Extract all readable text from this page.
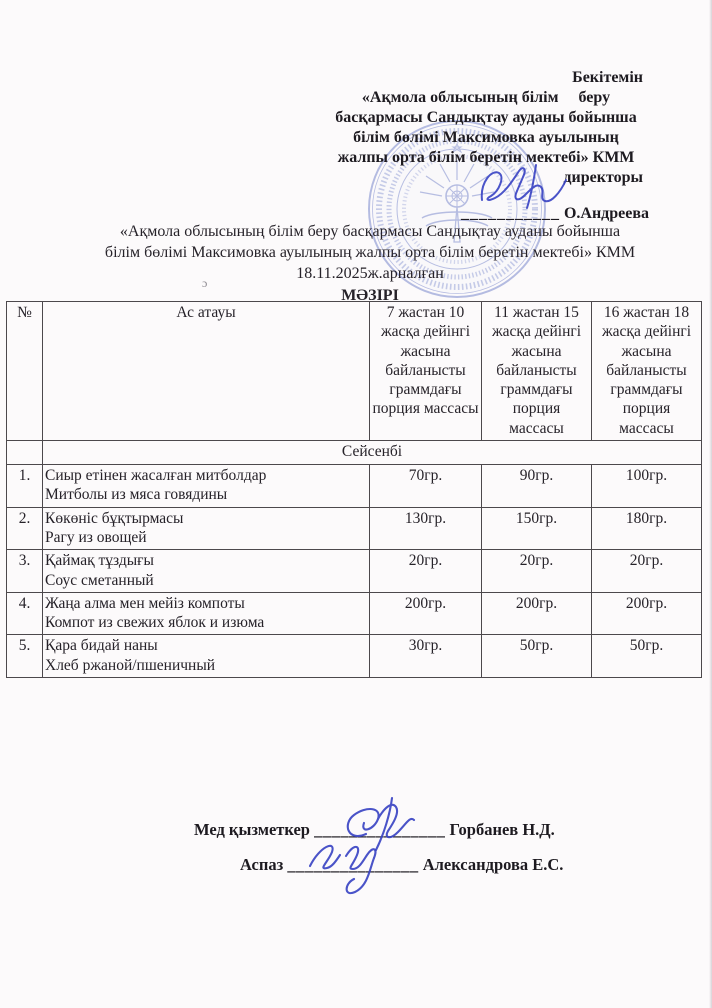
Бекітемін
«Ақмола облысының білім     беру
басқармасы Сандықтау ауданы бойынша
білім бөлімі Максимовка ауылының
жалпы орта білім беретін мектебі» КММ
директоры
___________ О.Андреева
«Ақмола облысының білім беру басқармасы Сандықтау ауданы бойынша
білім бөлімі Максимовка ауылының жалпы орта білім беретін мектебі» КММ
18.11.2025ж.арналған
МӘЗІРІ
ɔ
№	Ас атауы	7 жастан 10 жасқа дейінгі жасына байланысты граммдағы порция массасы	11 жастан 15 жасқа дейінгі жасына байланысты граммдағы порция массасы	16 жастан 18 жасқа дейінгі жасына байланысты граммдағы порция массасы
	Сейсенбі			
1.	Сиыр етінен жасалған митболдар
Митболы из мяса говядины	70гр.	90гр.	100гр.
2.	Көкөніс бұқтырмасы
Рагу из овощей	130гр.	150гр.	180гр.
3.	Қаймақ тұздығы
Соус сметанный	20гр.	20гр.	20гр.
4.	Жаңа алма мен мейіз компоты
Компот из свежих яблок и изюма	200гр.	200гр.	200гр.
5.	Қара бидай наны
Хлеб ржаной/пшеничный	30гр.	50гр.	50гр.
Мед қызметкер _______________ Горбанев Н.Д.
Аспаз _______________ Александрова Е.С.
